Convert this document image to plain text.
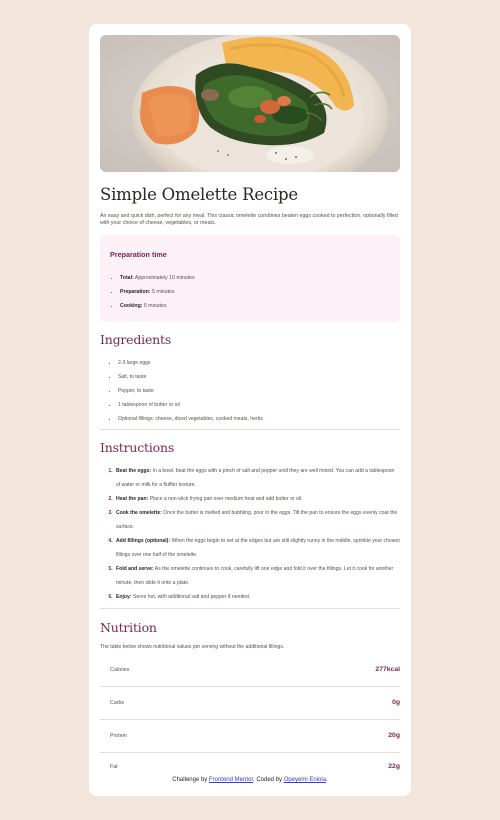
Simple Omelette Recipe

An easy and quick dish, perfect for any meal. This classic omelette combines beaten eggs cooked to perfection, optionally filled with your choice of cheese, vegetables, or meats.

Preparation time
• Total: Approximately 10 minutes
• Preparation: 5 minutes
• Cooking: 5 minutes
Ingredients
• 2-3 large eggs
• Salt, to taste
• Pepper, to taste
• 1 tablespoon of butter or oil
• Optional fillings: cheese, diced vegetables, cooked meats, herbs
Instructions
1. Beat the eggs: In a bowl, beat the eggs with a pinch of salt and pepper until they are well mixed. You can add a tablespoon of water or milk for a fluffier texture.
2. Heat the pan: Place a non-stick frying pan over medium heat and add butter or oil.
3. Cook the omelette: Once the butter is melted and bubbling, pour in the eggs. Tilt the pan to ensure the eggs evenly coat the surface.
4. Add fillings (optional): When the eggs begin to set at the edges but are still slightly runny in the middle, sprinkle your chosen fillings over one half of the omelette.
5. Fold and serve: As the omelette continues to cook, carefully lift one edge and fold it over the fillings. Let it cook for another minute, then slide it onto a plate.
6. Enjoy: Serve hot, with additional salt and pepper if needed.
Nutrition

The table below shows nutritional values per serving without the additional fillings.

Calories	277kcal
Carbs	0g
Protein	20g
Fat	22g
Challenge by Frontend Mentor. Coded by Opeyemi Eniola.
